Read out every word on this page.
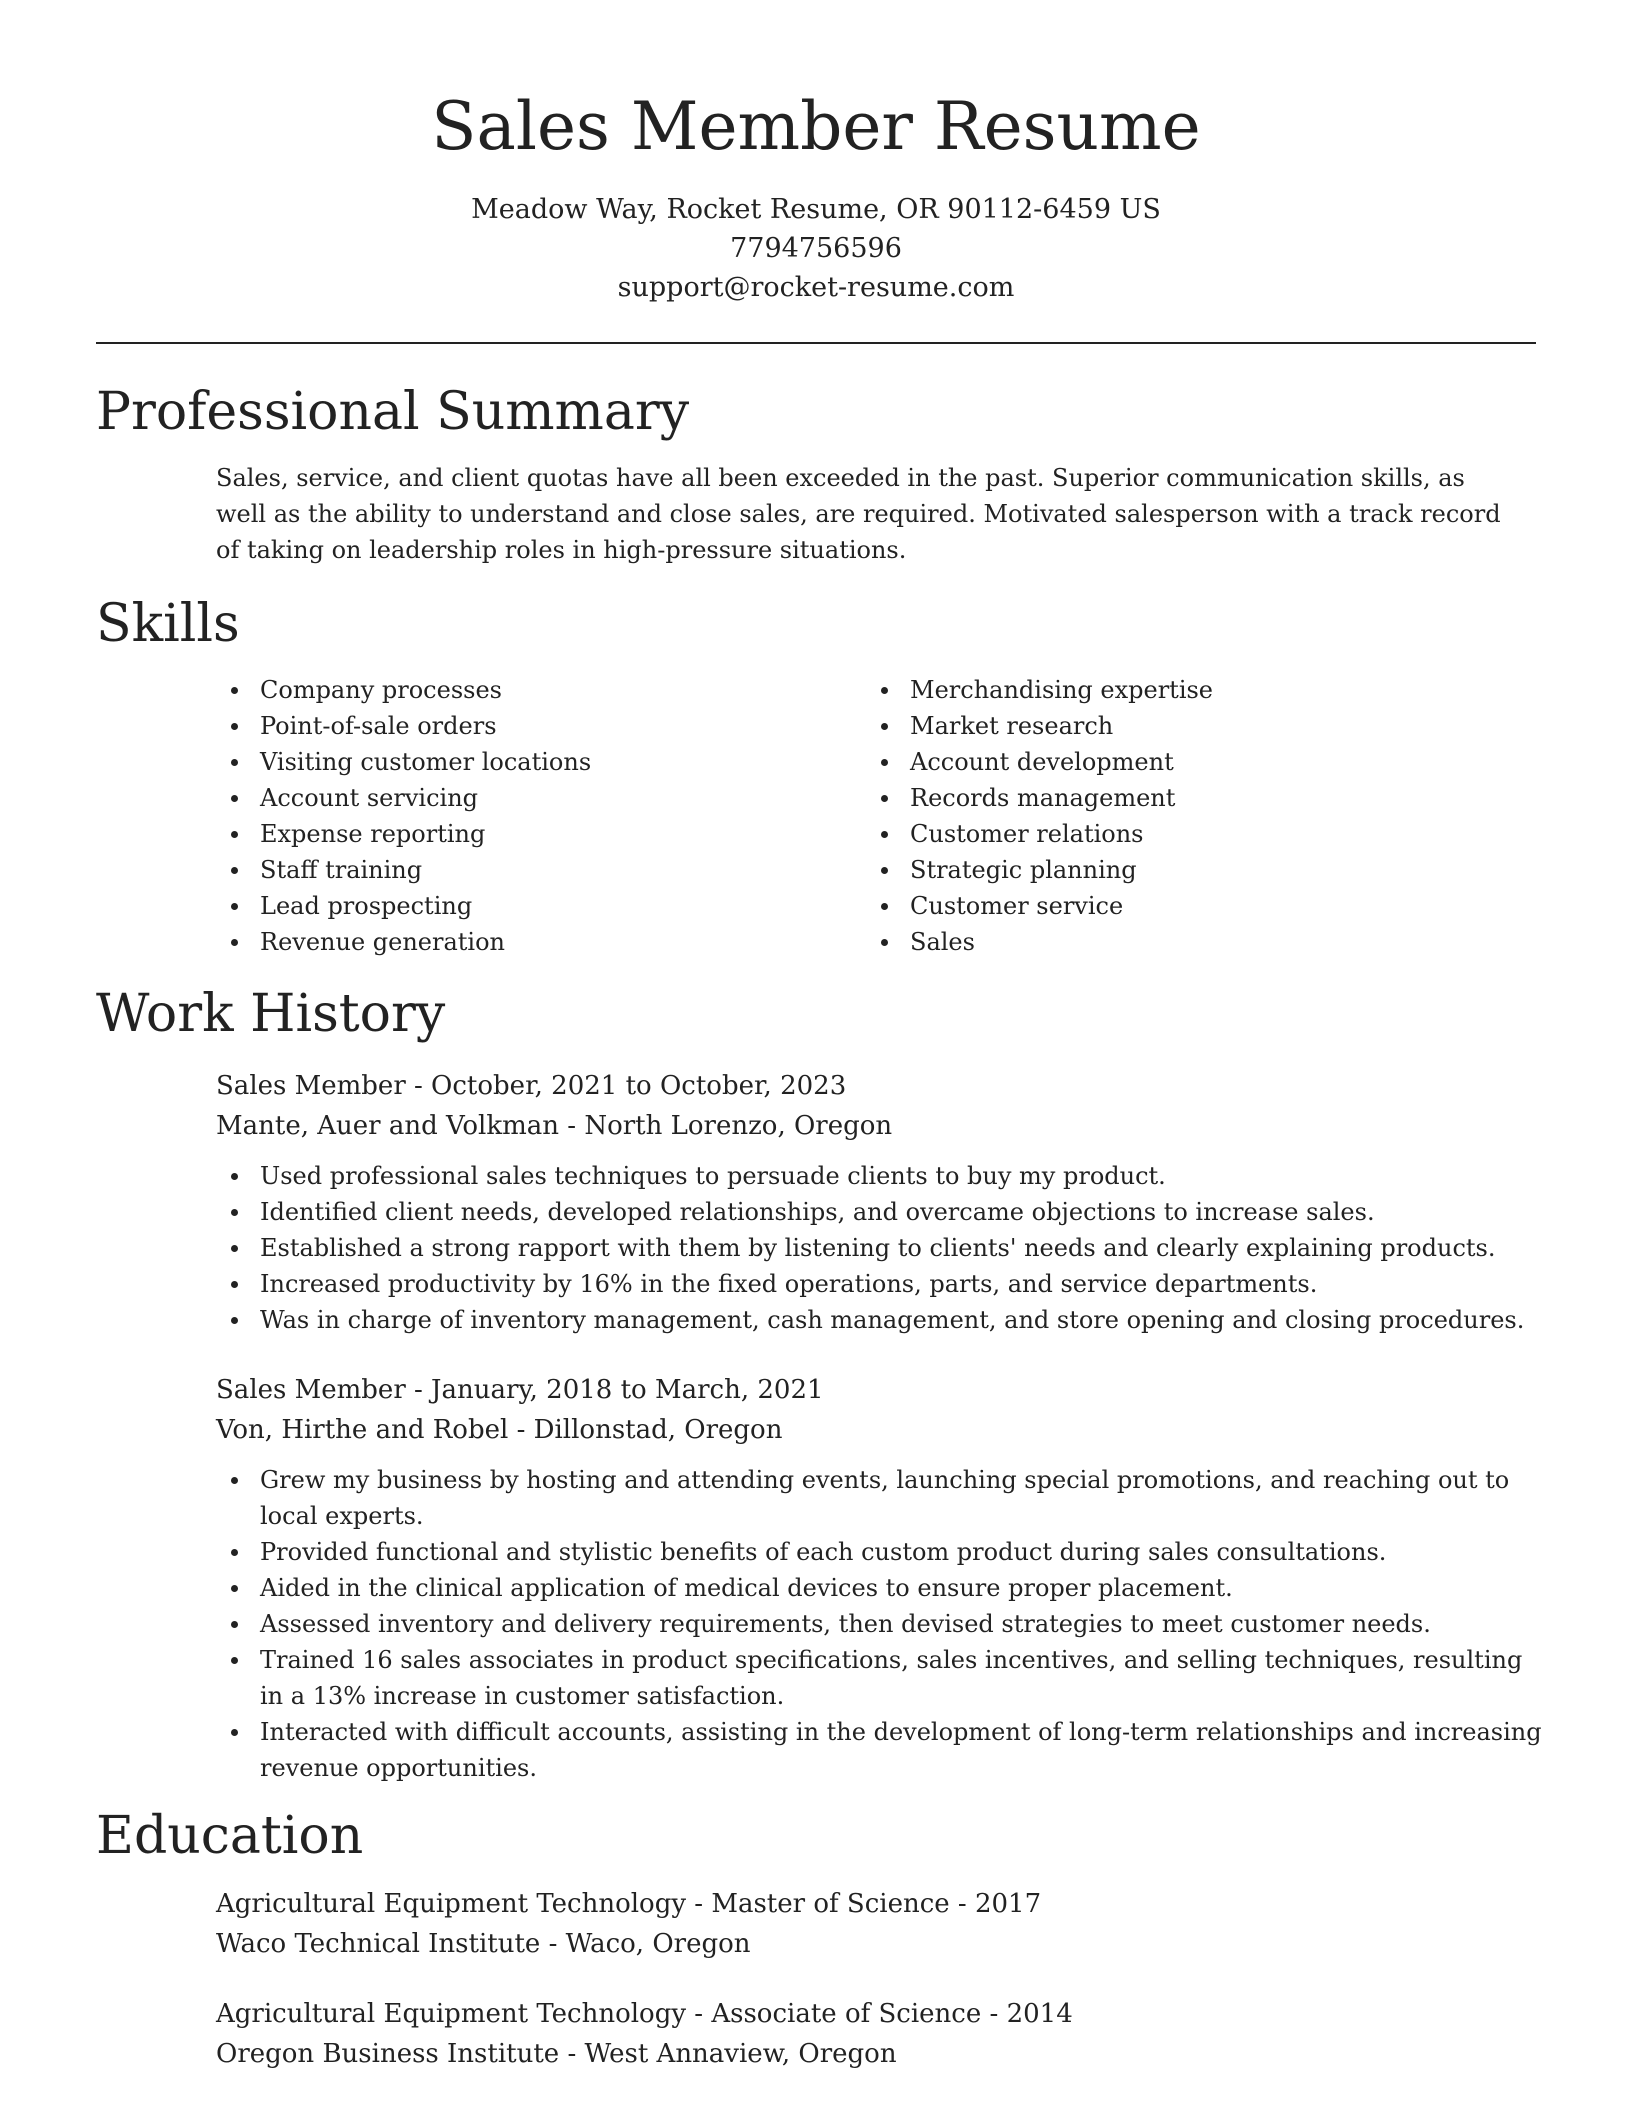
Sales Member Resume
Meadow Way, Rocket Resume, OR 90112-6459 US
7794756596
support@rocket-resume.com
Professional Summary
Sales, service, and client quotas have all been exceeded in the past. Superior communication skills, as well as the ability to understand and close sales, are required. Motivated salesperson with a track record of taking on leadership roles in high-pressure situations.
Skills
Company processes
Point-of-sale orders
Visiting customer locations
Account servicing
Expense reporting
Staff training
Lead prospecting
Revenue generation
Merchandising expertise
Market research
Account development
Records management
Customer relations
Strategic planning
Customer service
Sales
Work History
Sales Member - October, 2021 to October, 2023
Mante, Auer and Volkman - North Lorenzo, Oregon
Used professional sales techniques to persuade clients to buy my product.
Identified client needs, developed relationships, and overcame objections to increase sales.
Established a strong rapport with them by listening to clients' needs and clearly explaining products.
Increased productivity by 16% in the fixed operations, parts, and service departments.
Was in charge of inventory management, cash management, and store opening and closing procedures.
Sales Member - January, 2018 to March, 2021
Von, Hirthe and Robel - Dillonstad, Oregon
Grew my business by hosting and attending events, launching special promotions, and reaching out to local experts.
Provided functional and stylistic benefits of each custom product during sales consultations.
Aided in the clinical application of medical devices to ensure proper placement.
Assessed inventory and delivery requirements, then devised strategies to meet customer needs.
Trained 16 sales associates in product specifications, sales incentives, and selling techniques, resulting in a 13% increase in customer satisfaction.
Interacted with difficult accounts, assisting in the development of long-term relationships and increasing revenue opportunities.
Education
Agricultural Equipment Technology - Master of Science - 2017
Waco Technical Institute - Waco, Oregon
Agricultural Equipment Technology - Associate of Science - 2014
Oregon Business Institute - West Annaview, Oregon
